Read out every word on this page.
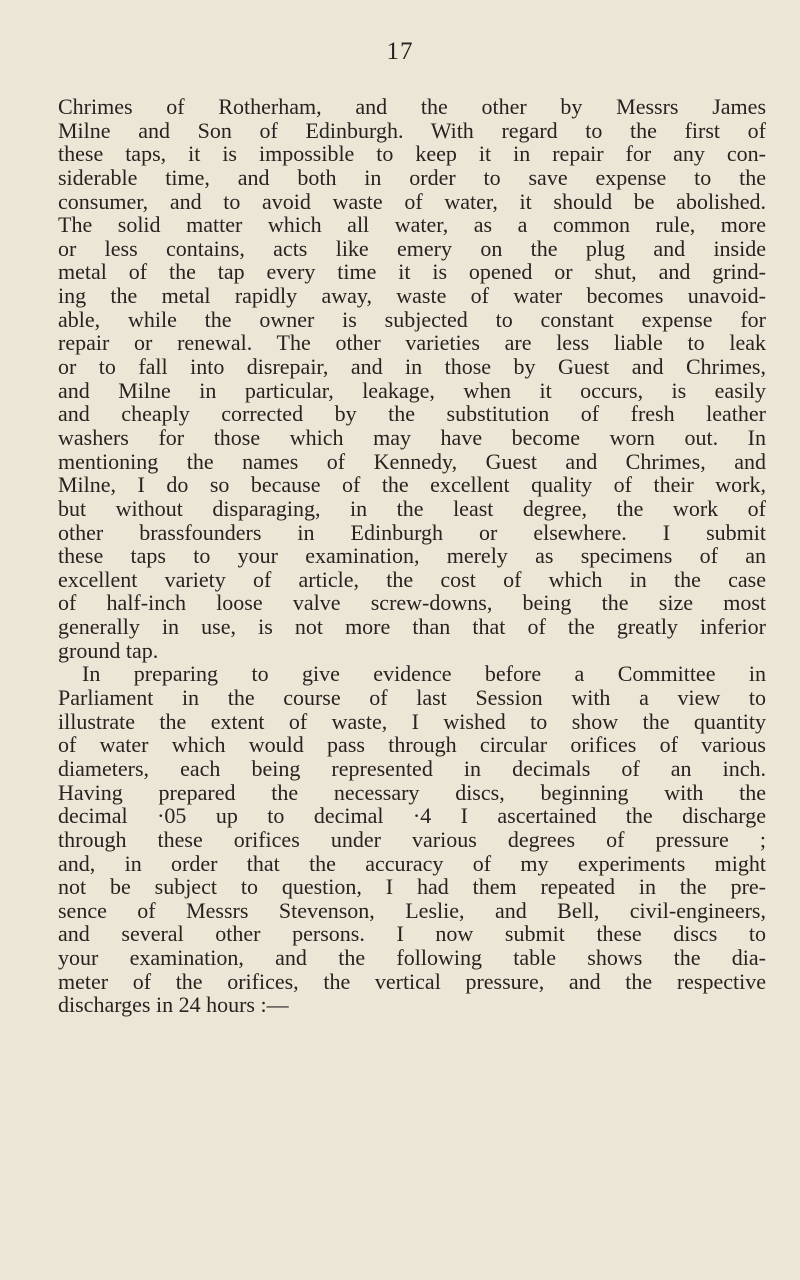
17
Chrimes of Rotherham, and the other by Messrs James
Milne and Son of Edinburgh. With regard to the first of
these taps, it is impossible to keep it in repair for any con-
siderable time, and both in order to save expense to the
consumer, and to avoid waste of water, it should be abolished.
The solid matter which all water, as a common rule, more
or less contains, acts like emery on the plug and inside
metal of the tap every time it is opened or shut, and grind-
ing the metal rapidly away, waste of water becomes unavoid-
able, while the owner is subjected to constant expense for
repair or renewal. The other varieties are less liable to leak
or to fall into disrepair, and in those by Guest and Chrimes,
and Milne in particular, leakage, when it occurs, is easily
and cheaply corrected by the substitution of fresh leather
washers for those which may have become worn out. In
mentioning the names of Kennedy, Guest and Chrimes, and
Milne, I do so because of the excellent quality of their work,
but without disparaging, in the least degree, the work of
other brassfounders in Edinburgh or elsewhere. I submit
these taps to your examination, merely as specimens of an
excellent variety of article, the cost of which in the case
of half-inch loose valve screw-downs, being the size most
generally in use, is not more than that of the greatly inferior
ground tap.
In preparing to give evidence before a Committee in
Parliament in the course of last Session with a view to
illustrate the extent of waste, I wished to show the quantity
of water which would pass through circular orifices of various
diameters, each being represented in decimals of an inch.
Having prepared the necessary discs, beginning with the
decimal ·05 up to decimal ·4 I ascertained the discharge
through these orifices under various degrees of pressure ;
and, in order that the accuracy of my experiments might
not be subject to question, I had them repeated in the pre-
sence of Messrs Stevenson, Leslie, and Bell, civil-engineers,
and several other persons. I now submit these discs to
your examination, and the following table shows the dia-
meter of the orifices, the vertical pressure, and the respective
discharges in 24 hours :—
